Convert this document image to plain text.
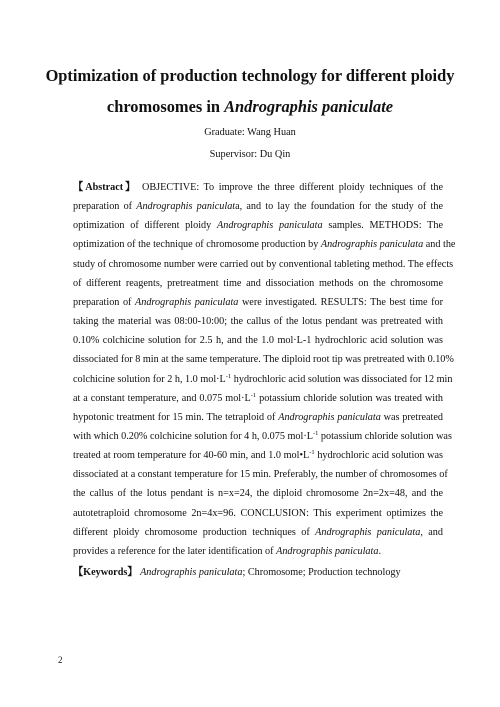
Optimization of production technology for different ploidy
chromosomes in Andrographis paniculate
Graduate: Wang Huan
Supervisor: Du Qin
【Abstract】 OBJECTIVE: To improve the three different ploidy techniques of the
preparation of Andrographis paniculata, and to lay the foundation for the study of the
optimization of different ploidy Andrographis paniculata samples. METHODS: The
optimization of the technique of chromosome production by Andrographis paniculata and the
study of chromosome number were carried out by conventional tableting method. The effects
of different reagents, pretreatment time and dissociation methods on the chromosome
preparation of Andrographis paniculata were investigated. RESULTS: The best time for
taking the material was 08:00-10:00; the callus of the lotus pendant was pretreated with
0.10% colchicine solution for 2.5 h, and the 1.0 mol·L-1 hydrochloric acid solution was
dissociated for 8 min at the same temperature. The diploid root tip was pretreated with 0.10%
colchicine solution for 2 h, 1.0 $mol\cdot L^{-1}$ hydrochloric acid solution was dissociated for 12 min
at a constant temperature, and 0.075 $mol\cdot L^{-1}$ potassium chloride solution was treated with
hypotonic treatment for 15 min. The tetraploid of Andrographis paniculata was pretreated
with which 0.20% colchicine solution for 4 h, 0.075 $mol\cdot L^{-1}$ potassium chloride solution was
treated at room temperature for 40-60 min, and 1.0 $mol•L^{-1}$ hydrochloric acid solution was
dissociated at a constant temperature for 15 min. Preferably, the number of chromosomes of
the callus of the lotus pendant is n=x=24, the diploid chromosome 2n=2x=48, and the
autotetraploid chromosome 2n=4x=96. CONCLUSION: This experiment optimizes the
different ploidy chromosome production techniques of Andrographis paniculata, and
provides a reference for the later identification of Andrographis paniculata.
【Keywords】 Andrographis paniculata; Chromosome; Production technology
2
